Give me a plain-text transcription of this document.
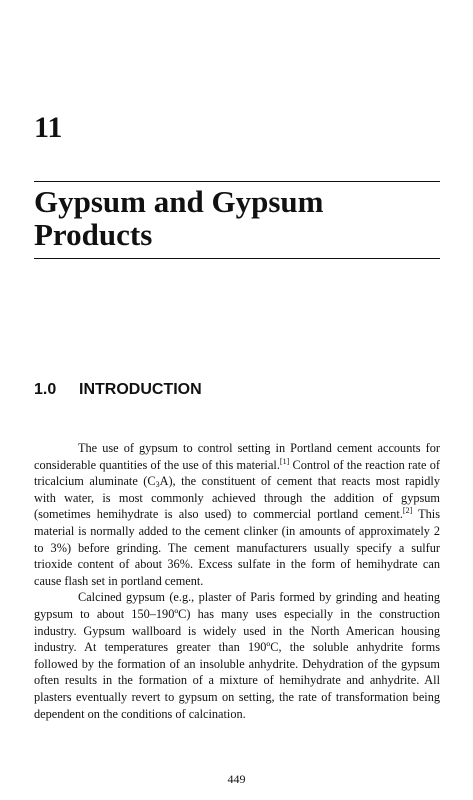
11
Gypsum and Gypsum Products
1.0 INTRODUCTION

The use of gypsum to control setting in Portland cement accounts for considerable quantities of the use of this material.[1] Control of the reaction rate of tricalcium aluminate $(C_3A)$, the constituent of cement that reacts most rapidly with water, is most commonly achieved through the addition of gypsum (sometimes hemihydrate is also used) to commercial portland cement.[2] This material is normally added to the cement clinker (in amounts of approximately 2 to 3%) before grinding. The cement manufacturers usually specify a sulfur trioxide content of about 36%. Excess sulfate in the form of hemihydrate can cause flash set in portland cement.

Calcined gypsum (e.g., plaster of Paris formed by grinding and heating gypsum to about 150–190ºC) has many uses especially in the construction industry. Gypsum wallboard is widely used in the North American housing industry. At temperatures greater than 190ºC, the soluble anhydrite forms followed by the formation of an insoluble anhydrite. Dehydration of the gypsum often results in the formation of a mixture of hemihydrate and anhydrite. All plasters eventually revert to gypsum on setting, the rate of transformation being dependent on the conditions of calcination.

449
